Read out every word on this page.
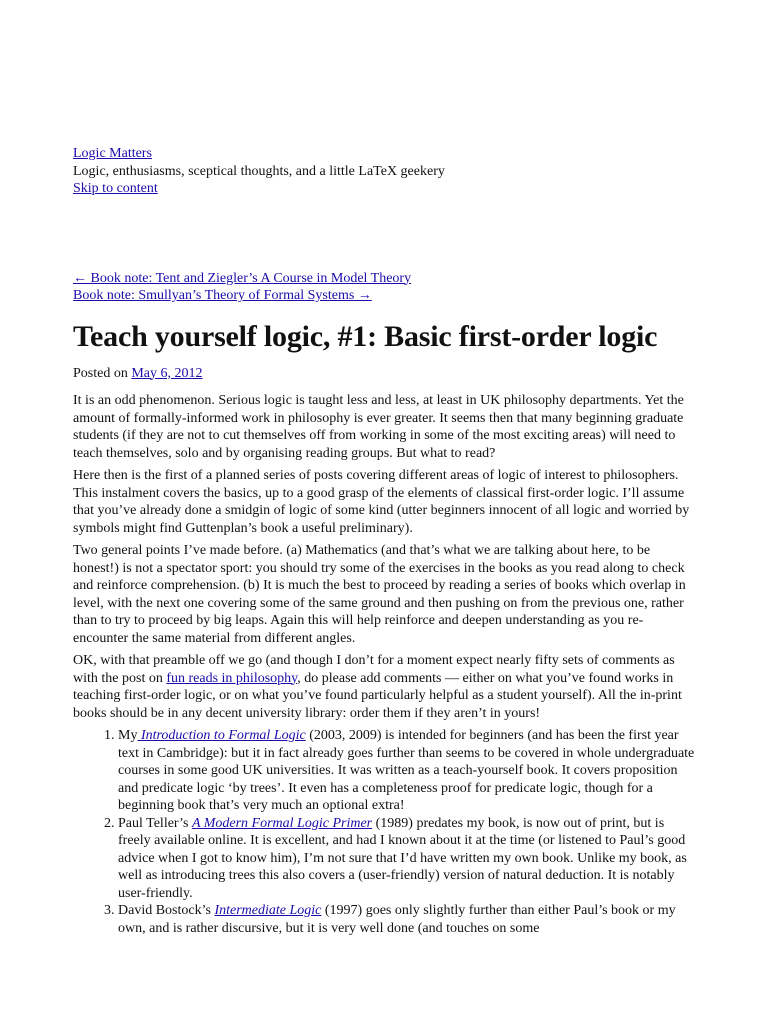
Logic Matters
Logic, enthusiasms, sceptical thoughts, and a little LaTeX geekery
Skip to content
← Book note: Tent and Ziegler’s A Course in Model Theory
Book note: Smullyan’s Theory of Formal Systems →
Teach yourself logic, #1: Basic first-order logic
Posted on May 6, 2012

It is an odd phenomenon. Serious logic is taught less and less, at least in UK philosophy departments. Yet the amount of formally-informed work in philosophy is ever greater. It seems then that many beginning graduate students (if they are not to cut themselves off from working in some of the most exciting areas) will need to teach themselves, solo and by organising reading groups. But what to read?

Here then is the first of a planned series of posts covering different areas of logic of interest to philosophers. This instalment covers the basics, up to a good grasp of the elements of classical first-order logic. I’ll assume that you’ve already done a smidgin of logic of some kind (utter beginners innocent of all logic and worried by symbols might find Guttenplan’s book a useful preliminary).

Two general points I’ve made before. (a) Mathematics (and that’s what we are talking about here, to be honest!) is not a spectator sport: you should try some of the exercises in the books as you read along to check and reinforce comprehension. (b) It is much the best to proceed by reading a series of books which overlap in level, with the next one covering some of the same ground and then pushing on from the previous one, rather than to try to proceed by big leaps. Again this will help reinforce and deepen understanding as you re-encounter the same material from different angles.

OK, with that preamble off we go (and though I don’t for a moment expect nearly fifty sets of comments as with the post on fun reads in philosophy, do please add comments — either on what you’ve found works in teaching first-order logic, or on what you’ve found particularly helpful as a student yourself). All the in-print books should be in any decent university library: order them if they aren’t in yours!

1. My Introduction to Formal Logic (2003, 2009) is intended for beginners (and has been the first year text in Cambridge): but it in fact already goes further than seems to be covered in whole undergraduate courses in some good UK universities. It was written as a teach-yourself book. It covers proposition and predicate logic ‘by trees’. It even has a completeness proof for predicate logic, though for a beginning book that’s very much an optional extra!
2. Paul Teller’s A Modern Formal Logic Primer (1989) predates my book, is now out of print, but is freely available online. It is excellent, and had I known about it at the time (or listened to Paul’s good advice when I got to know him), I’m not sure that I’d have written my own book. Unlike my book, as well as introducing trees this also covers a (user-friendly) version of natural deduction. It is notably user-friendly.
3. David Bostock’s Intermediate Logic (1997) goes only slightly further than either Paul’s book or my own, and is rather discursive, but it is very well done (and touches on some
